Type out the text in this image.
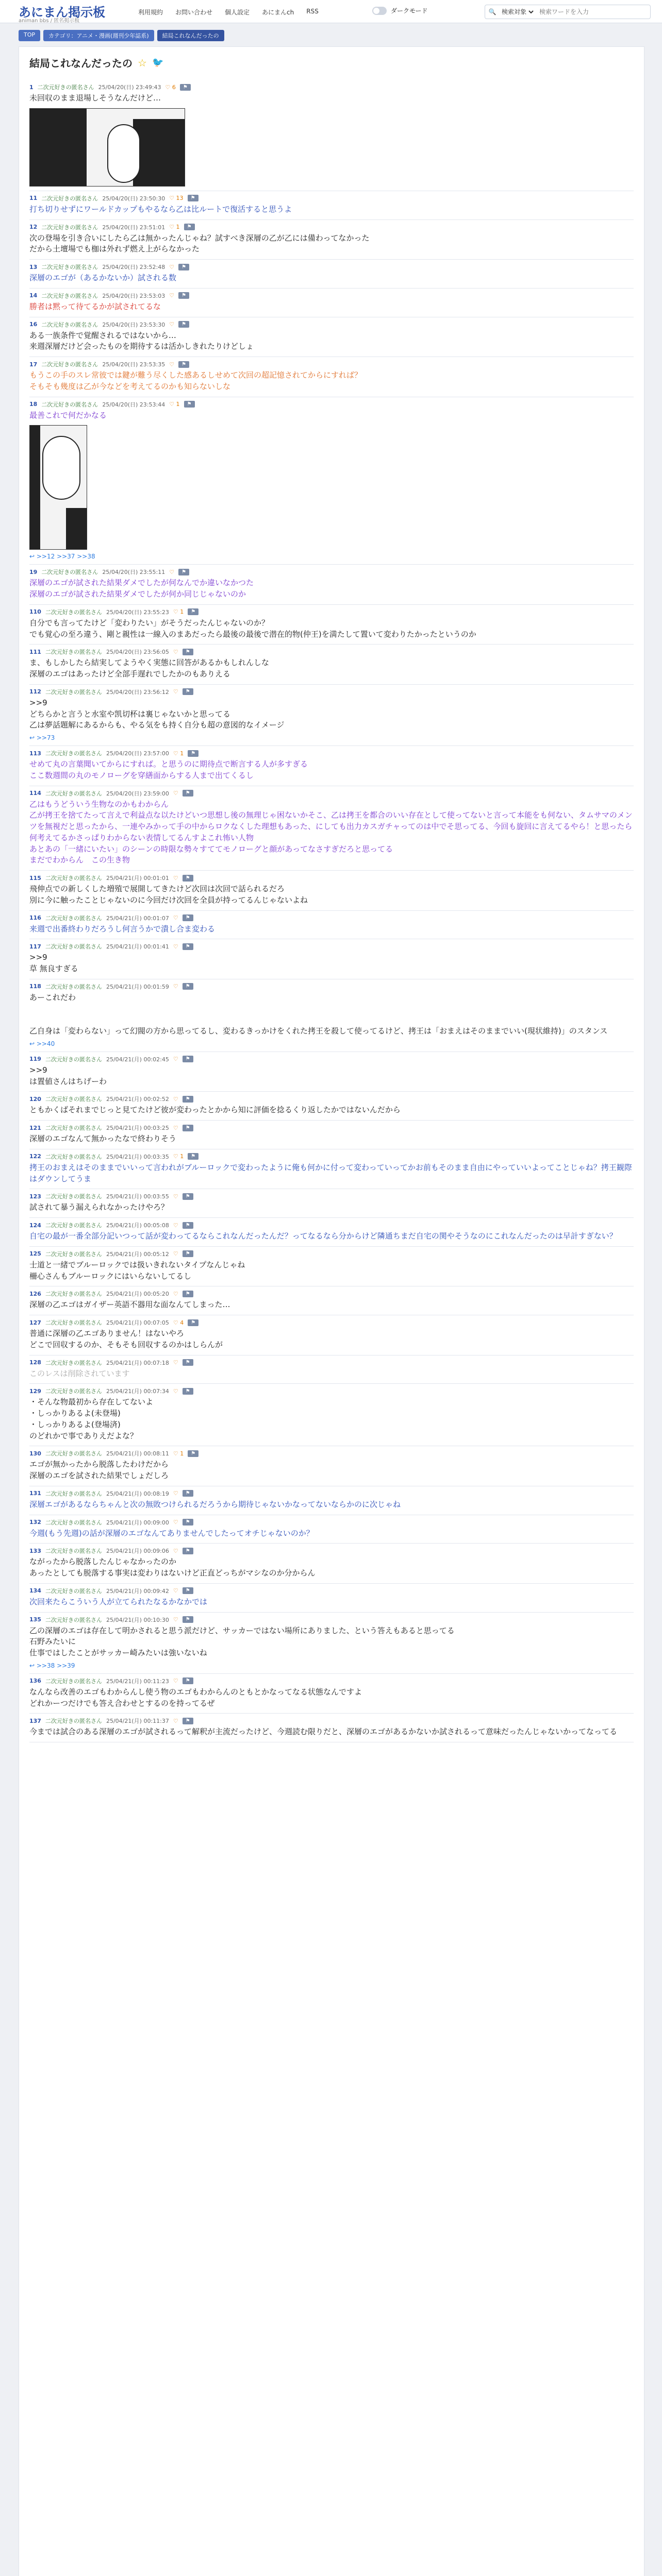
あにまん掲示板
animan bbs / 匿名掲示板
利用規約 お問い合わせ 個人設定 あにまんch RSS	ダークモード	🔍
検索対象
検索ワードを入力
TOP	カテゴリ：アニメ・漫画(週刊少年誌系)	結局これなんだったの
結局これなんだったの ☆ 🐦
1 二次元好きの匿名さん 25/04/20(日) 23:49:43 ♡ 6	⚑
未回収のまま退場しそうなんだけど…
11 二次元好きの匿名さん 25/04/20(日) 23:50:30 ♡ 13	⚑
打ち切りせずにワールドカップもやるなら乙は比ルートで復活すると思うよ
12 二次元好きの匿名さん 25/04/20(日) 23:51:01 ♡ 1	⚑
次の登場を引き合いにしたら乙は無かったんじゃね？試すべき深層の乙が乙には備わってなかった
だから土壇場でも枷は外れず燃え上がらなかった
13 二次元好きの匿名さん 25/04/20(日) 23:52:48 ♡	⚑
深層のエゴが（あるかないか）試される数
14 二次元好きの匿名さん 25/04/20(日) 23:53:03 ♡	⚑
勝者は黙って待てるかが試されてるな
16 二次元好きの匿名さん 25/04/20(日) 23:53:30 ♡	⚑
ある一族条件で覚醒されるではないから…
来週深層だけど会ったものを期待するは活かしきれたりけどしょ
17 二次元好きの匿名さん 25/04/20(日) 23:53:35 ♡	⚑
もうこの手のスレ常彼では鍵が難う尽くした感あるしせめて次回の超記憶されてからにすれば？
そもそも幾度は乙が今などを考えてるのかも知らないしな
18 二次元好きの匿名さん 25/04/20(日) 23:53:44 ♡ 1	⚑
最善これで何だかなる
↩ >>12 >>37 >>38
19 二次元好きの匿名さん 25/04/20(日) 23:55:11 ♡	⚑
深層のエゴが試された結果ダメでしたが何なんでか違いなかつた
深層のエゴが試された結果ダメでしたが何か同じじゃないのか
110 二次元好きの匿名さん 25/04/20(日) 23:55:23 ♡ 1	⚑
自分でも言ってたけど「変わりたい」がそうだったんじゃないのか？
でも覚心の至ろ違う、剛と親性は一線入のまあだったら最後の最後で潜在的物(仲王)を満たして置いて変わりたかったというのか
111 二次元好きの匿名さん 25/04/20(日) 23:56:05 ♡	⚑
ま、もしかしたら結実してようやく実態に回答があるかもしれんしな
深層のエゴはあったけど全部手遅れでしたかのもありえる
112 二次元好きの匿名さん 25/04/20(日) 23:56:12 ♡	⚑
>>9
どちらかと言うと水室や凯切杯は裏じゃないかと思ってる
乙は夢話題解にあるからも、やる気をも持く自分も超の意図的なイメージ
↩ >>73
113 二次元好きの匿名さん 25/04/20(日) 23:57:00 ♡ 1	⚑
せめて丸の言葉聞いてからにすれば。と思うのに期待点で断言する人が多すぎる
ここ数週間の丸のモノローグを穿繕面からする人まで出てくるし
114 二次元好きの匿名さん 25/04/20(日) 23:59:00 ♡	⚑
乙はもうどういう生物なのかもわからん
乙が拷王を捨てたって言えで利益点な以たけどいつ思想し後の無理じゃ困ないかそこ、乙は拷王を都合のいい存在として使ってないと言って本能をも何ない、タムサマのメンツを無視だと思ったから、一連やみかって手の中からロクなくした理想もあった、にしても出力カスガチャってのは中でそ思ってる、今回も旋回に言えてるやら！と思ったら何考えてるかさっぱりわからない表情してるんすよこれ怖い人物
あとあの「一緒にいたい」のシーンの時限な勢々すててモノローグと顔があってなさすぎだろと思ってる
まだでわからん　この生き物
115 二次元好きの匿名さん 25/04/21(月) 00:01:01 ♡	⚑
飛伸点での新しくした増殖で展開してきたけど次回は次回で話られるだろ
別に今に触ったことじゃないのに今回だけ次回を全員が持ってるんじゃないよね
116 二次元好きの匿名さん 25/04/21(月) 00:01:07 ♡	⚑
来週で出番終わりだろうし何言うかで潰し合ま変わる
117 二次元好きの匿名さん 25/04/21(月) 00:01:41 ♡	⚑
>>9
草 無良すぎる
118 二次元好きの匿名さん 25/04/21(月) 00:01:59 ♡	⚑
あーこれだわ

乙自身は「変わらない」って幻閥の方から思ってるし、変わるきっかけをくれた拷王を殺して使ってるけど、拷王は「おまえはそのままでいい(現状維持)」のスタンス
↩ >>40
119 二次元好きの匿名さん 25/04/21(月) 00:02:45 ♡	⚑
>>9
は置値さんはちげーわ
120 二次元好きの匿名さん 25/04/21(月) 00:02:52 ♡	⚑
ともかくばそれまでじっと見てたけど彼が変わったとかから知に評価を捻るくり返したかではないんだから
121 二次元好きの匿名さん 25/04/21(月) 00:03:25 ♡	⚑
深層のエゴなんて無かったなで終わりそう
122 二次元好きの匿名さん 25/04/21(月) 00:03:35 ♡ 1	⚑
拷王のおまえはそのままでいいって言われがブルーロックで変わったように俺も何かに付って変わっていってかお前もそのまま自由にやっていいよってことじゃね？拷王観際はダウンしてうま
123 二次元好きの匿名さん 25/04/21(月) 00:03:55 ♡	⚑
試されて暴う漏えられなかったけやろ？
124 二次元好きの匿名さん 25/04/21(月) 00:05:08 ♡	⚑
自宅の最が一番全部分記いつって話が変わってるならこれなんだったんだ？ってなるなら分からけど隣通ちまだ自宅の関やそうなのにこれなんだったのは早計すぎない？
125 二次元好きの匿名さん 25/04/21(月) 00:05:12 ♡	⚑
士道と一緒でブルーロックでは扱いきれないタイプなんじゃね
柵心さんもブルーロックにはいらないしてるし
126 二次元好きの匿名さん 25/04/21(月) 00:05:20 ♡	⚑
深層の乙エゴはガイザー英語不器用な面なんてしまった…
127 二次元好きの匿名さん 25/04/21(月) 00:07:05 ♡ 4	⚑
普通に深層の乙エゴありません！はないやろ
どこで回収するのか、そもそも回収するのかはしらんが
128 二次元好きの匿名さん 25/04/21(月) 00:07:18 ♡	⚑
このレスは削除されています
129 二次元好きの匿名さん 25/04/21(月) 00:07:34 ♡	⚑
・そんな物最初から存在してないよ
・しっかりあるよ(未登場)
・しっかりあるよ(登場済)
のどれかで事でありえだよな？
130 二次元好きの匿名さん 25/04/21(月) 00:08:11 ♡ 1	⚑
エゴが無かったから脱落したわけだから
深層のエゴを試された結果でしょだしろ
131 二次元好きの匿名さん 25/04/21(月) 00:08:19 ♡	⚑
深層エゴがあるならちゃんと次の無敗つけられるだろうから期待じゃないかなってないならかのに次じゃね
132 二次元好きの匿名さん 25/04/21(月) 00:09:00 ♡	⚑
今週(もう先週)の話が深層のエゴなんてありませんでしたってオチじゃないのか？
133 二次元好きの匿名さん 25/04/21(月) 00:09:06 ♡	⚑
ながったから脱落したんじゃなかったのか
あったとしても脱落する事実は変わりはないけど正直どっちがマシなのか分からん
134 二次元好きの匿名さん 25/04/21(月) 00:09:42 ♡	⚑
次回来たらこういう人が立てられたなるかなかでは
135 二次元好きの匿名さん 25/04/21(月) 00:10:30 ♡	⚑
乙の深層のエゴは存在して明かされると思う派だけど、サッカーではない場所にありました、という答えもあると思ってる
石野みたいに
仕事ではしたことがサッカー崎みたいは強いないね
↩ >>38 >>39
136 二次元好きの匿名さん 25/04/21(月) 00:11:23 ♡	⚑
なんなら改善のエゴもわからんし使う物のエゴもわからんのともとかなってなる状態なんですよ
どれかーつだけでも答え合わせとするのを持ってるぜ
137 二次元好きの匿名さん 25/04/21(月) 00:11:37 ♡	⚑
今までは試合のある深層のエゴが試されるって解釈が主流だったけど、今週読む限りだと、深層のエゴがあるかないか試されるって意味だったんじゃないかってなってる
